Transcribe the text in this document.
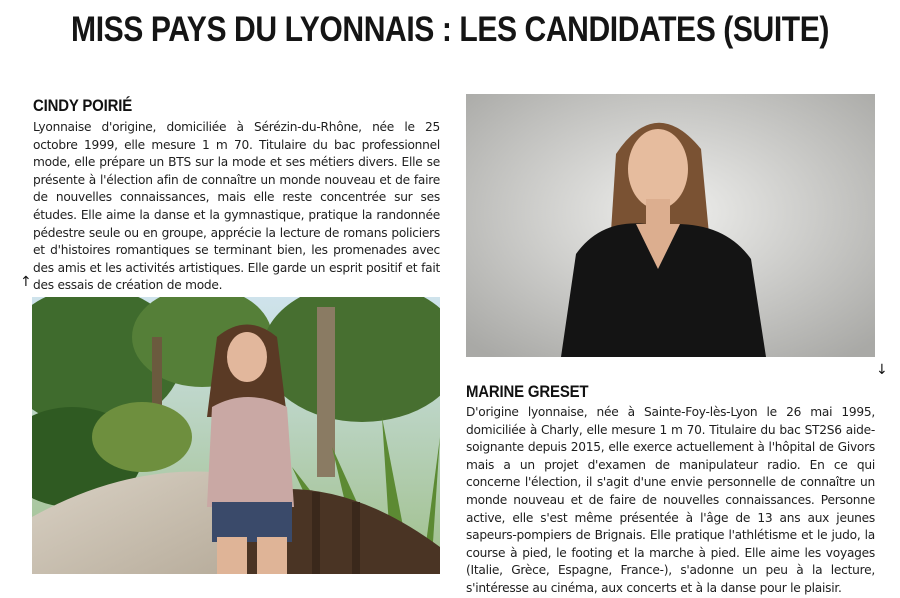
MISS PAYS DU LYONNAIS : LES CANDIDATES (SUITE)
CINDY POIRIÉ
Lyonnaise d'origine, domiciliée à Sérézin-du-Rhône, née le 25 octobre 1999, elle mesure 1 m 70. Titulaire du bac professionnel mode, elle prépare un BTS sur la mode et ses métiers divers. Elle se présente à l'élection afin de connaître un monde nouveau et de faire de nouvelles connaissances, mais elle reste concentrée sur ses études. Elle aime la danse et la gymnastique, pratique la randonnée pédestre seule ou en groupe, apprécie la lecture de romans policiers et d'histoires romantiques se terminant bien, les promenades avec des amis et les activités artistiques. Elle garde un esprit positif et fait des essais de création de mode.
↑
↓
MARINE GRESET
D'origine lyonnaise, née à Sainte-Foy-lès-Lyon le 26 mai 1995, domiciliée à Charly, elle mesure 1 m 70. Titulaire du bac ST2S6 aide-soignante depuis 2015, elle exerce actuellement à l'hôpital de Givors mais a un projet d'examen de manipulateur radio. En ce qui concerne l'élection, il s'agit d'une envie personnelle de connaître un monde nouveau et de faire de nouvelles connaissances. Personne active, elle s'est même présentée à l'âge de 13 ans aux jeunes sapeurs-pompiers de Brignais. Elle pratique l'athlétisme et le judo, la course à pied, le footing et la marche à pied. Elle aime les voyages (Italie, Grèce, Espagne, France-), s'adonne un peu à la lecture, s'intéresse au cinéma, aux concerts et à la danse pour le plaisir.
